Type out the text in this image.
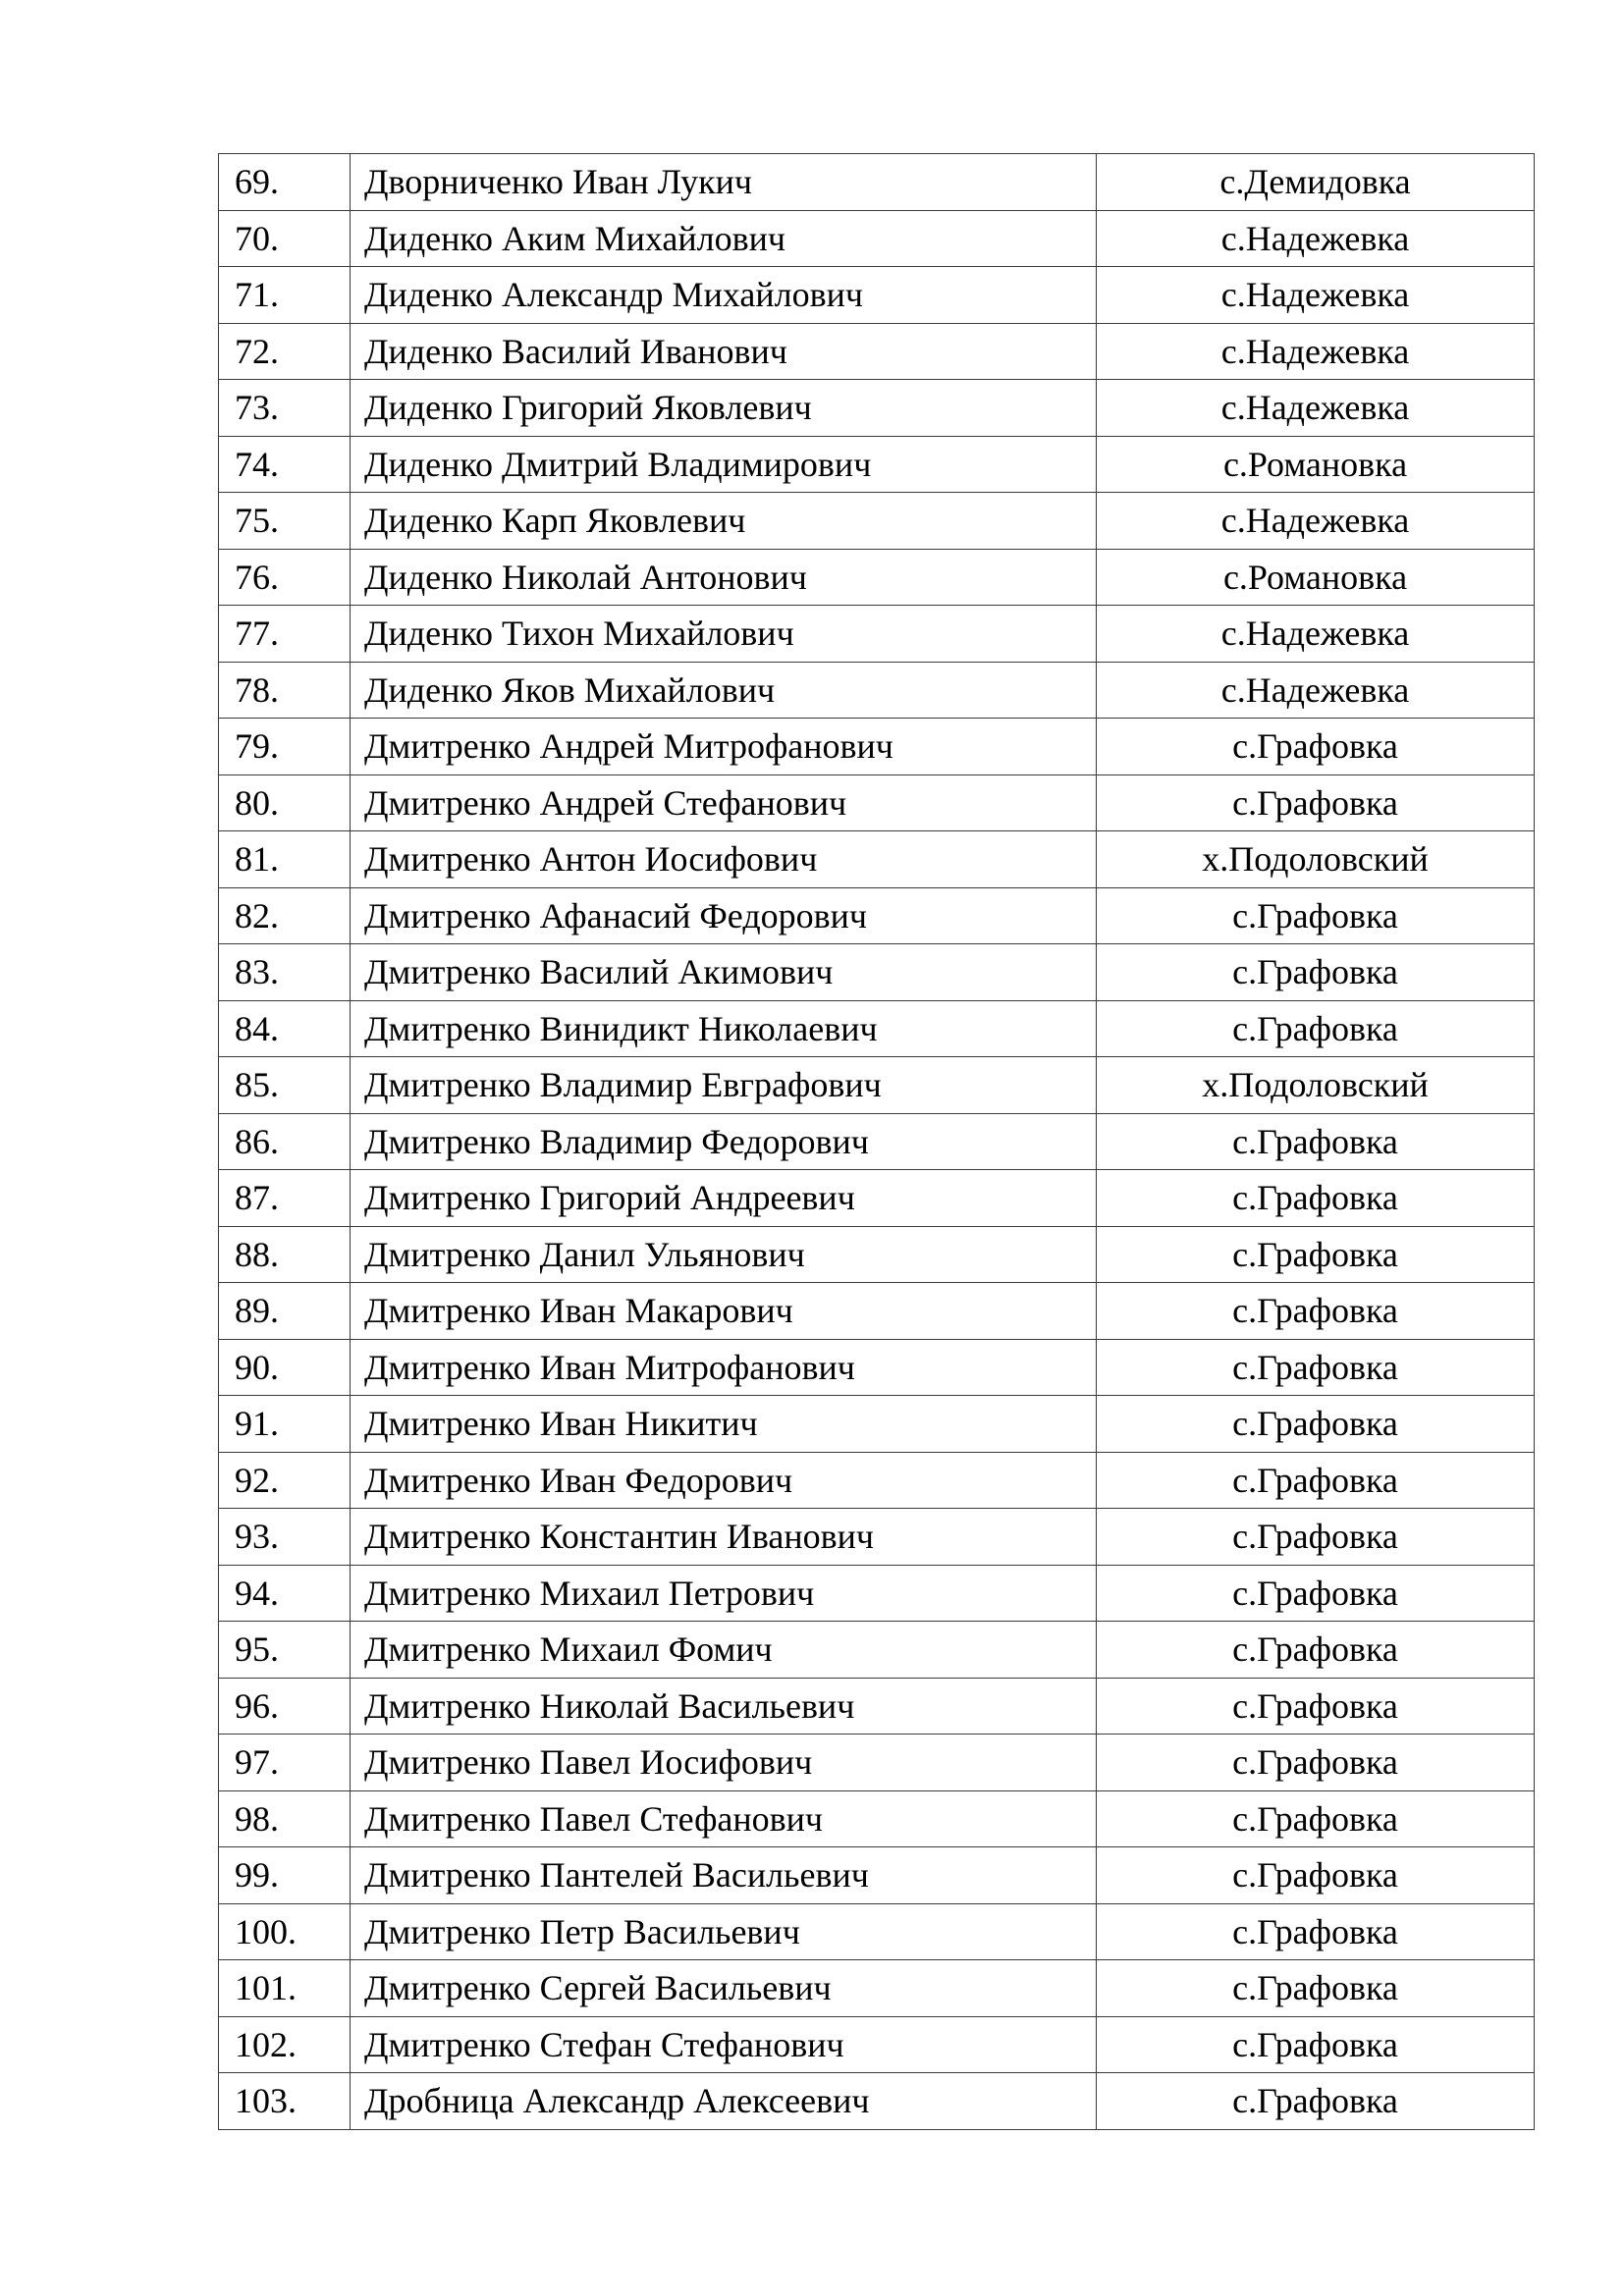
69.	Дворниченко Иван Лукич	с.Демидовка
70.	Диденко Аким Михайлович	с.Надежевка
71.	Диденко Александр Михайлович	с.Надежевка
72.	Диденко Василий Иванович	с.Надежевка
73.	Диденко Григорий Яковлевич	с.Надежевка
74.	Диденко Дмитрий Владимирович	с.Романовка
75.	Диденко Карп Яковлевич	с.Надежевка
76.	Диденко Николай Антонович	с.Романовка
77.	Диденко Тихон Михайлович	с.Надежевка
78.	Диденко Яков Михайлович	с.Надежевка
79.	Дмитренко Андрей Митрофанович	с.Графовка
80.	Дмитренко Андрей Стефанович	с.Графовка
81.	Дмитренко Антон Иосифович	х.Подоловский
82.	Дмитренко Афанасий Федорович	с.Графовка
83.	Дмитренко Василий Акимович	с.Графовка
84.	Дмитренко Винидикт Николаевич	с.Графовка
85.	Дмитренко Владимир Евграфович	х.Подоловский
86.	Дмитренко Владимир Федорович	с.Графовка
87.	Дмитренко Григорий Андреевич	с.Графовка
88.	Дмитренко Данил Ульянович	с.Графовка
89.	Дмитренко Иван Макарович	с.Графовка
90.	Дмитренко Иван Митрофанович	с.Графовка
91.	Дмитренко Иван Никитич	с.Графовка
92.	Дмитренко Иван Федорович	с.Графовка
93.	Дмитренко Константин Иванович	с.Графовка
94.	Дмитренко Михаил Петрович	с.Графовка
95.	Дмитренко Михаил Фомич	с.Графовка
96.	Дмитренко Николай Васильевич	с.Графовка
97.	Дмитренко Павел Иосифович	с.Графовка
98.	Дмитренко Павел Стефанович	с.Графовка
99.	Дмитренко Пантелей Васильевич	с.Графовка
100.	Дмитренко Петр Васильевич	с.Графовка
101.	Дмитренко Сергей Васильевич	с.Графовка
102.	Дмитренко Стефан Стефанович	с.Графовка
103.	Дробница Александр Алексеевич	с.Графовка
